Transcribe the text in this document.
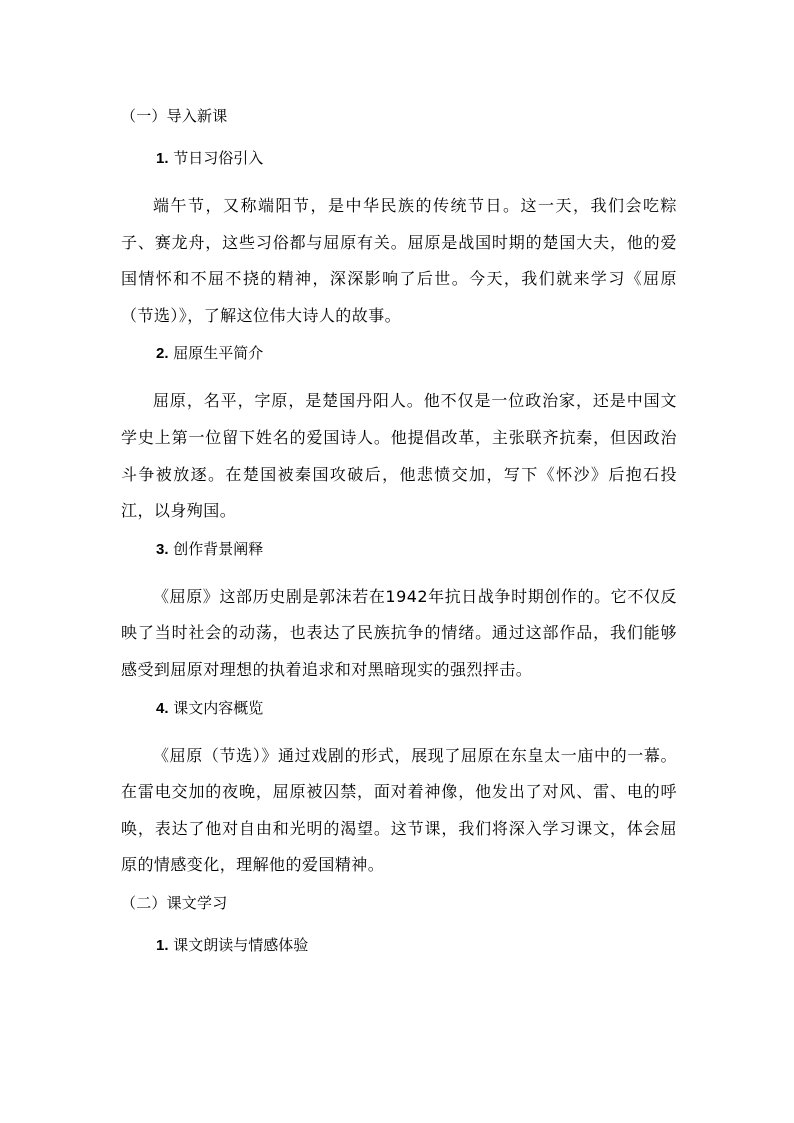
（一）导入新课
1. 节日习俗引入

端午节，又称端阳节，是中华民族的传统节日。这一天，我们会吃粽子、赛龙舟，这些习俗都与屈原有关。屈原是战国时期的楚国大夫，他的爱国情怀和不屈不挠的精神，深深影响了后世。今天，我们就来学习《屈原（节选）》，了解这位伟大诗人的故事。

2. 屈原生平简介

屈原，名平，字原，是楚国丹阳人。他不仅是一位政治家，还是中国文学史上第一位留下姓名的爱国诗人。他提倡改革，主张联齐抗秦，但因政治斗争被放逐。在楚国被秦国攻破后，他悲愤交加，写下《怀沙》后抱石投江，以身殉国。

3. 创作背景阐释

《屈原》这部历史剧是郭沫若在1942年抗日战争时期创作的。它不仅反映了当时社会的动荡，也表达了民族抗争的情绪。通过这部作品，我们能够感受到屈原对理想的执着追求和对黑暗现实的强烈抨击。

4. 课文内容概览

《屈原（节选）》通过戏剧的形式，展现了屈原在东皇太一庙中的一幕。在雷电交加的夜晚，屈原被囚禁，面对着神像，他发出了对风、雷、电的呼唤，表达了他对自由和光明的渴望。这节课，我们将深入学习课文，体会屈原的情感变化，理解他的爱国精神。

（二）课文学习
1. 课文朗读与情感体验
